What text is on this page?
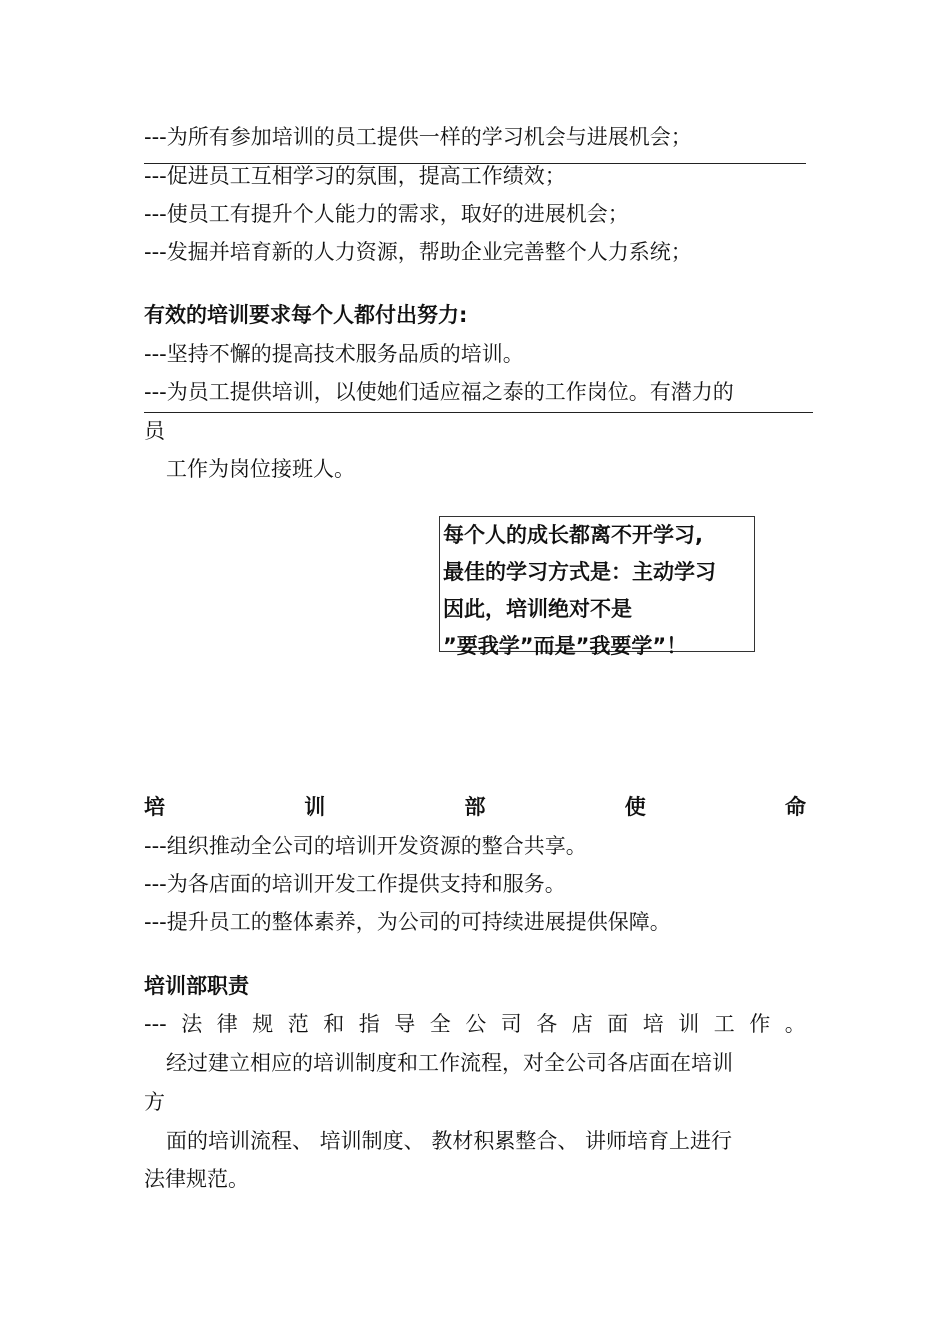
---为所有参加培训的员工提供一样的学习机会与进展机会；

---促进员工互相学习的氛围，提高工作绩效；

---使员工有提升个人能力的需求，取好的进展机会；

---发掘并培育新的人力资源，帮助企业完善整个人力系统；

有效的培训要求每个人都付出努力:

---坚持不懈的提高技术服务品质的培训。

---为员工提供培训，以使她们适应福之泰的工作岗位。有潜力的

员

工作为岗位接班人。

每个人的成长都离不开学习,
最佳的学习方式是：主动学习
因此，培训绝对不是
”要我学”而是”我要学”！
培	训	部	使	命

---组织推动全公司的培训开发资源的整合共享。

---为各店面的培训开发工作提供支持和服务。

---提升员工的整体素养，为公司的可持续进展提供保障。

培训部职责

--- 法 律 规 范 和 指 导 全 公 司 各 店 面 培 训 工 作 。

经过建立相应的培训制度和工作流程，对全公司各店面在培训

方

面的培训流程、 培训制度、 教材积累整合、 讲师培育上进行

法律规范。
